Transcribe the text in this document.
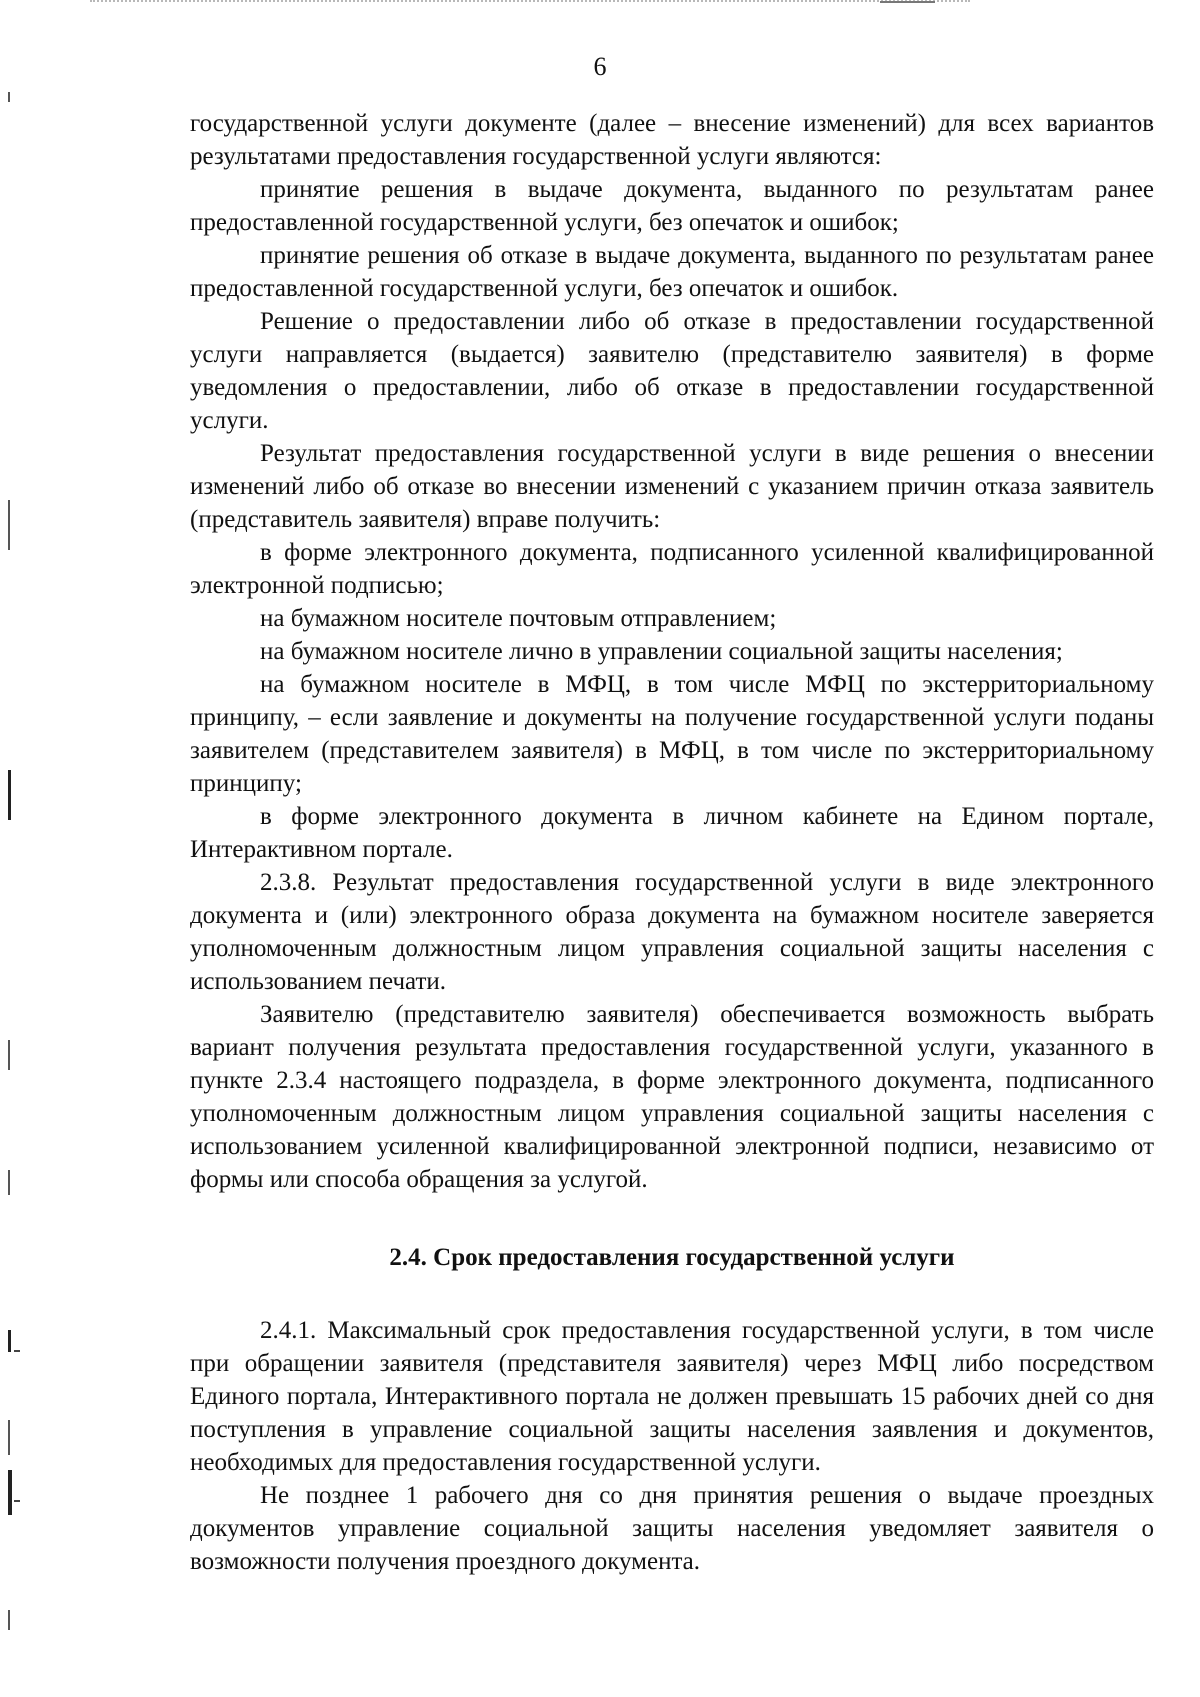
6

государственной услуги документе (далее – внесение изменений) для всех вариантов результатами предоставления государственной услуги являются:

принятие решения в выдаче документа, выданного по результатам ранее предоставленной государственной услуги, без опечаток и ошибок;

принятие решения об отказе в выдаче документа, выданного по результатам ранее предоставленной государственной услуги, без опечаток и ошибок.

Решение о предоставлении либо об отказе в предоставлении государственной услуги направляется (выдается) заявителю (представителю заявителя) в форме уведомления о предоставлении, либо об отказе в предоставлении государственной услуги.

Результат предоставления государственной услуги в виде решения о внесении изменений либо об отказе во внесении изменений с указанием причин отказа заявитель (представитель заявителя) вправе получить:

в форме электронного документа, подписанного усиленной квалифицированной электронной подписью;

на бумажном носителе почтовым отправлением;

на бумажном носителе лично в управлении социальной защиты населения;

на бумажном носителе в МФЦ, в том числе МФЦ по экстерриториальному принципу, – если заявление и документы на получение государственной услуги поданы заявителем (представителем заявителя) в МФЦ, в том числе по экстерриториальному принципу;

в форме электронного документа в личном кабинете на Едином портале, Интерактивном портале.

2.3.8. Результат предоставления государственной услуги в виде электронного документа и (или) электронного образа документа на бумажном носителе заверяется уполномоченным должностным лицом управления социальной защиты населения с использованием печати.

Заявителю (представителю заявителя) обеспечивается возможность выбрать вариант получения результата предоставления государственной услуги, указанного в пункте 2.3.4 настоящего подраздела, в форме электронного документа, подписанного уполномоченным должностным лицом управления социальной защиты населения с использованием усиленной квалифицированной электронной подписи, независимо от формы или способа обращения за услугой.

2.4. Срок предоставления государственной услуги

2.4.1. Максимальный срок предоставления государственной услуги, в том числе при обращении заявителя (представителя заявителя) через МФЦ либо посредством Единого портала, Интерактивного портала не должен превышать 15 рабочих дней со дня поступления в управление социальной защиты населения заявления и документов, необходимых для предоставления государственной услуги.

Не позднее 1 рабочего дня со дня принятия решения о выдаче проездных документов управление социальной защиты населения уведомляет заявителя о возможности получения проездного документа.
